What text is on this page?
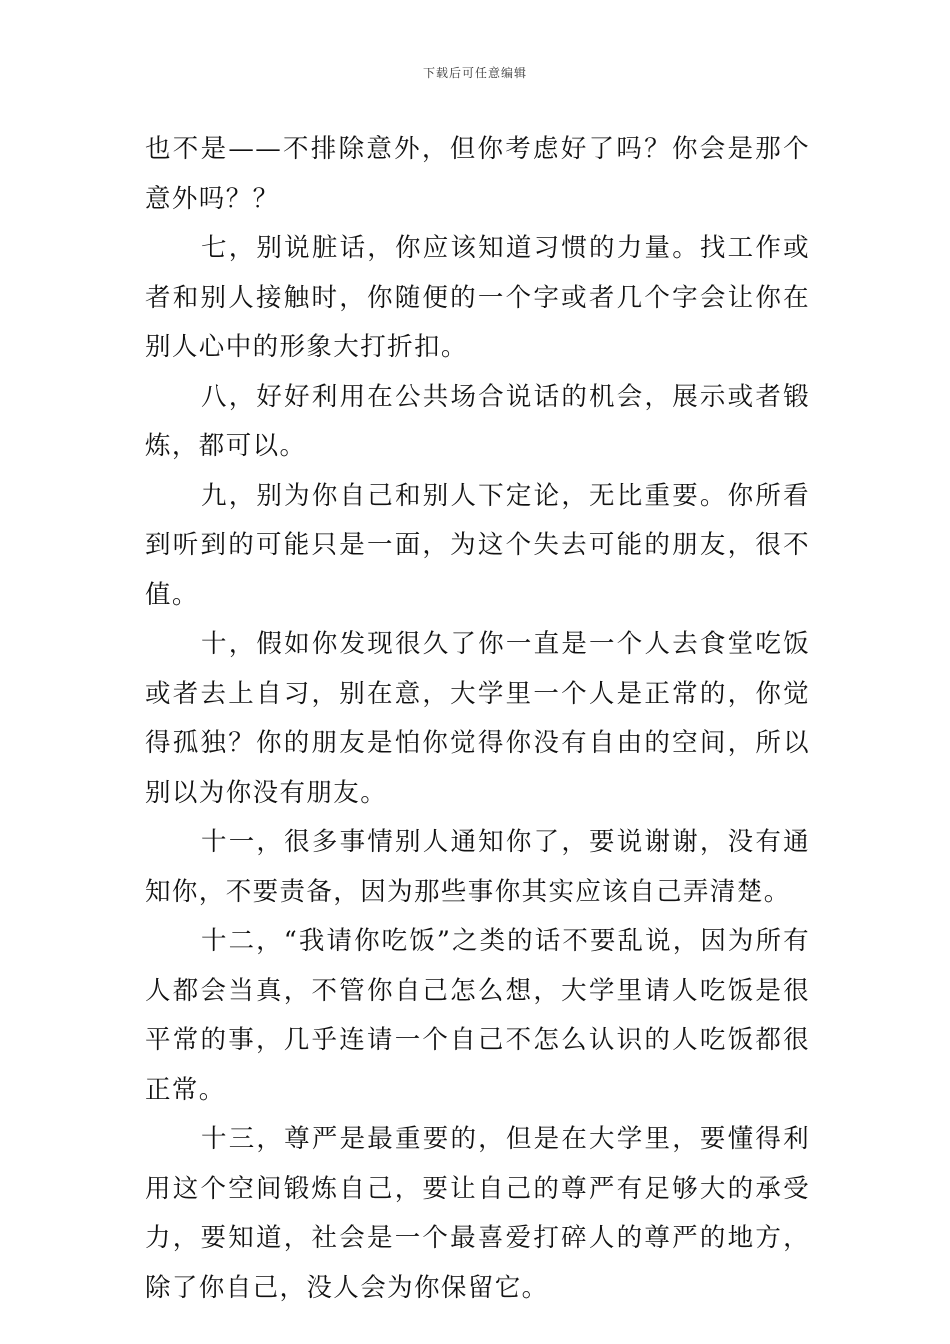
下载后可任意编辑

也不是——不排除意外，但你考虑好了吗？你会是那个意外吗？？

七，别说脏话，你应该知道习惯的力量。找工作或者和别人接触时，你随便的一个字或者几个字会让你在别人心中的形象大打折扣。

八，好好利用在公共场合说话的机会，展示或者锻炼，都可以。

九，别为你自己和别人下定论，无比重要。你所看到听到的可能只是一面，为这个失去可能的朋友，很不值。

十，假如你发现很久了你一直是一个人去食堂吃饭或者去上自习，别在意，大学里一个人是正常的，你觉得孤独？你的朋友是怕你觉得你没有自由的空间，所以别以为你没有朋友。

十一，很多事情别人通知你了，要说谢谢，没有通知你，不要责备，因为那些事你其实应该自己弄清楚。

十二，“我请你吃饭”之类的话不要乱说，因为所有人都会当真，不管你自己怎么想，大学里请人吃饭是很平常的事，几乎连请一个自己不怎么认识的人吃饭都很正常。

十三，尊严是最重要的，但是在大学里，要懂得利用这个空间锻炼自己，要让自己的尊严有足够大的承受力，要知道，社会是一个最喜爱打碎人的尊严的地方，除了你自己，没人会为你保留它。
